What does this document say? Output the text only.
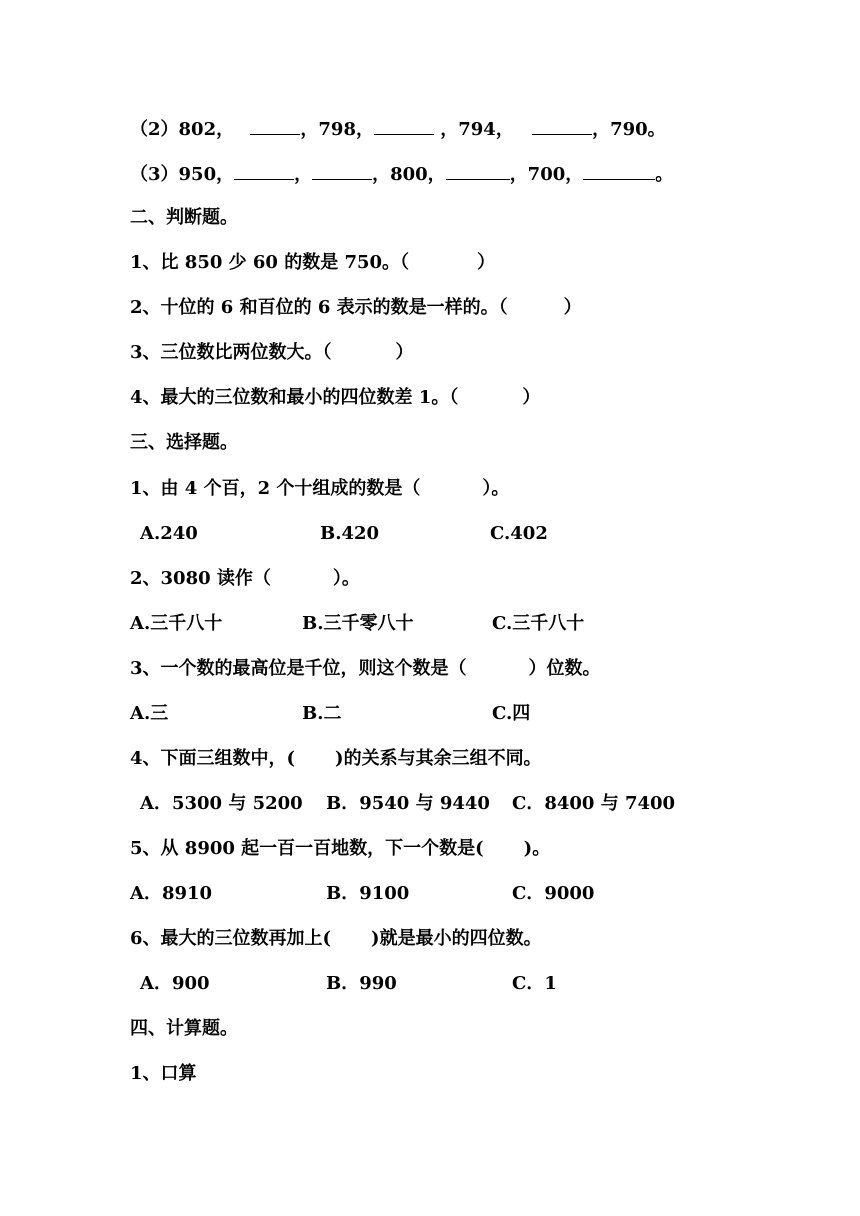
（2）802，	，798，	，794，	，790。
（3）950，	，	，800，	，700，	。
二、判断题。
1、比 850 少 60 的数是 750。（	）
2、十位的 6 和百位的 6 表示的数是一样的。（	）
3、三位数比两位数大。（	）
4、最大的三位数和最小的四位数差 1。（	）
三、选择题。
1、由 4 个百，2 个十组成的数是（	）。
A.240	B.420	C.402
2、3080 读作（	）。
A.三千八十	B.三千零八十	C.三千八十
3、一个数的最高位是千位，则这个数是（	）位数。
A.三	B.二	C.四
4、下面三组数中，( )的关系与其余三组不同。
A．5300 与 5200 B．9540 与 9440 C．8400 与 7400
5、从 8900 起一百一百地数，下一个数是( )。
A．8910	B．9100	C．9000
6、最大的三位数再加上( )就是最小的四位数。
A．900	B．990	C．1
四、计算题。
1、口算
